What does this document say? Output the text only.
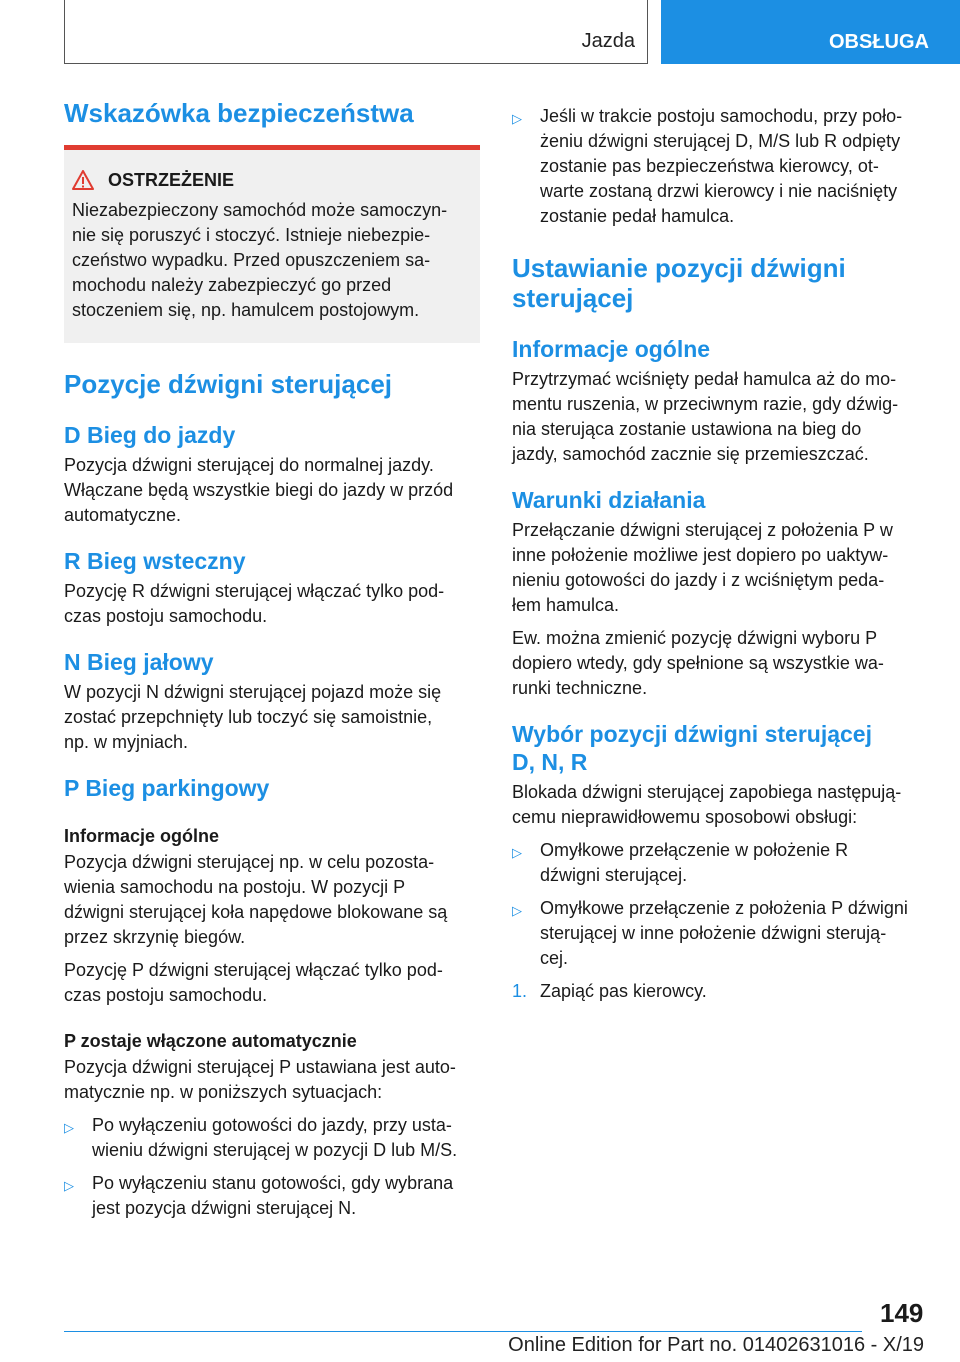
Jazda	OBSŁUGA
Wskazówka bezpieczeństwa
OSTRZEŻENIE

Niezabezpieczony samochód może samoczyn-

nie się poruszyć i stoczyć. Istnieje niebezpie-

czeństwo wypadku. Przed opuszczeniem sa-

mochodu należy zabezpieczyć go przed

stoczeniem się, np. hamulcem postojowym.

Pozycje dźwigni sterującej
D Bieg do jazdy

Pozycja dźwigni sterującej do normalnej jazdy.

Włączane będą wszystkie biegi do jazdy w przód

automatyczne.

R Bieg wsteczny

Pozycję R dźwigni sterującej włączać tylko pod-

czas postoju samochodu.

N Bieg jałowy

W pozycji N dźwigni sterującej pojazd może się

zostać przepchnięty lub toczyć się samoistnie,

np. w myjniach.

P Bieg parkingowy
Informacje ogólne

Pozycja dźwigni sterującej np. w celu pozosta-

wienia samochodu na postoju. W pozycji P

dźwigni sterującej koła napędowe blokowane są

przez skrzynię biegów.

Pozycję P dźwigni sterującej włączać tylko pod-

czas postoju samochodu.

P zostaje włączone automatycznie

Pozycja dźwigni sterującej P ustawiana jest auto-

matycznie np. w poniższych sytuacjach:

▷	Po wyłączeniu gotowości do jazdy, przy usta-

wieniu dźwigni sterującej w pozycji D lub M/S.

▷	Po wyłączeniu stanu gotowości, gdy wybrana

jest pozycja dźwigni sterującej N.

▷	Jeśli w trakcie postoju samochodu, przy poło-

żeniu dźwigni sterującej D, M/S lub R odpięty

zostanie pas bezpieczeństwa kierowcy, ot-

warte zostaną drzwi kierowcy i nie naciśnięty

zostanie pedał hamulca.

Ustawianie pozycji dźwigni
sterującej
Informacje ogólne

Przytrzymać wciśnięty pedał hamulca aż do mo-

mentu ruszenia, w przeciwnym razie, gdy dźwig-

nia sterująca zostanie ustawiona na bieg do

jazdy, samochód zacznie się przemieszczać.

Warunki działania

Przełączanie dźwigni sterującej z położenia P w

inne położenie możliwe jest dopiero po uaktyw-

nieniu gotowości do jazdy i z wciśniętym peda-

łem hamulca.

Ew. można zmienić pozycję dźwigni wyboru P

dopiero wtedy, gdy spełnione są wszystkie wa-

runki techniczne.

Wybór pozycji dźwigni sterującej
D, N, R

Blokada dźwigni sterującej zapobiega następują-

cemu nieprawidłowemu sposobowi obsługi:

▷	Omyłkowe przełączenie w położenie R

dźwigni sterującej.

▷	Omyłkowe przełączenie z położenia P dźwigni

sterującej w inne położenie dźwigni sterują-

cej.

1. Zapiąć pas kierowcy.

149
Online Edition for Part no. 01402631016 - X/19
